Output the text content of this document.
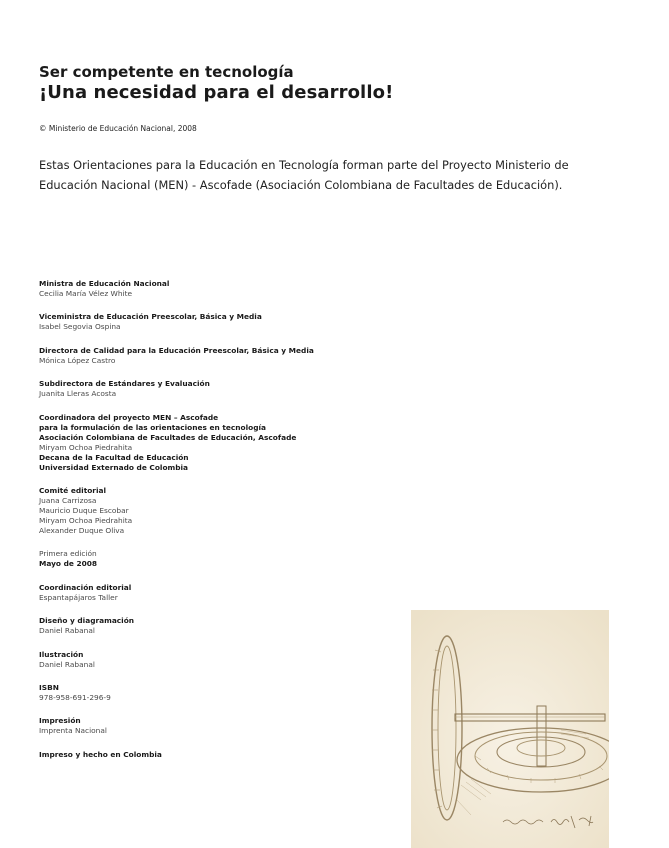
Ser competente en tecnología
¡Una necesidad para el desarrollo!
© Ministerio de Educación Nacional, 2008
Estas Orientaciones para la Educación en Tecnología forman parte del Proyecto Ministerio de Educación Nacional (MEN) - Ascofade (Asociación Colombiana de Facultades de Educación).
Ministra de Educación Nacional
Cecilia María Vélez White
Viceministra de Educación Preescolar, Básica y Media
Isabel Segovia Ospina
Directora de Calidad para la Educación Preescolar, Básica y Media
Mónica López Castro
Subdirectora de Estándares y Evaluación
Juanita Lleras Acosta
Coordinadora del proyecto MEN – Ascofade
para la formulación de las orientaciones en tecnología
Asociación Colombiana de Facultades de Educación, Ascofade
Miryam Ochoa Piedrahita
Decana de la Facultad de Educación
Universidad Externado de Colombia
Comité editorial
Juana Carrizosa
Mauricio Duque Escobar
Miryam Ochoa Piedrahita
Alexander Duque Oliva
Primera edición
Mayo de 2008
Coordinación editorial
Espantapájaros Taller
Diseño y diagramación
Daniel Rabanal
Ilustración
Daniel Rabanal
ISBN
978-958-691-296-9
Impresión
Imprenta Nacional
Impreso y hecho en Colombia
